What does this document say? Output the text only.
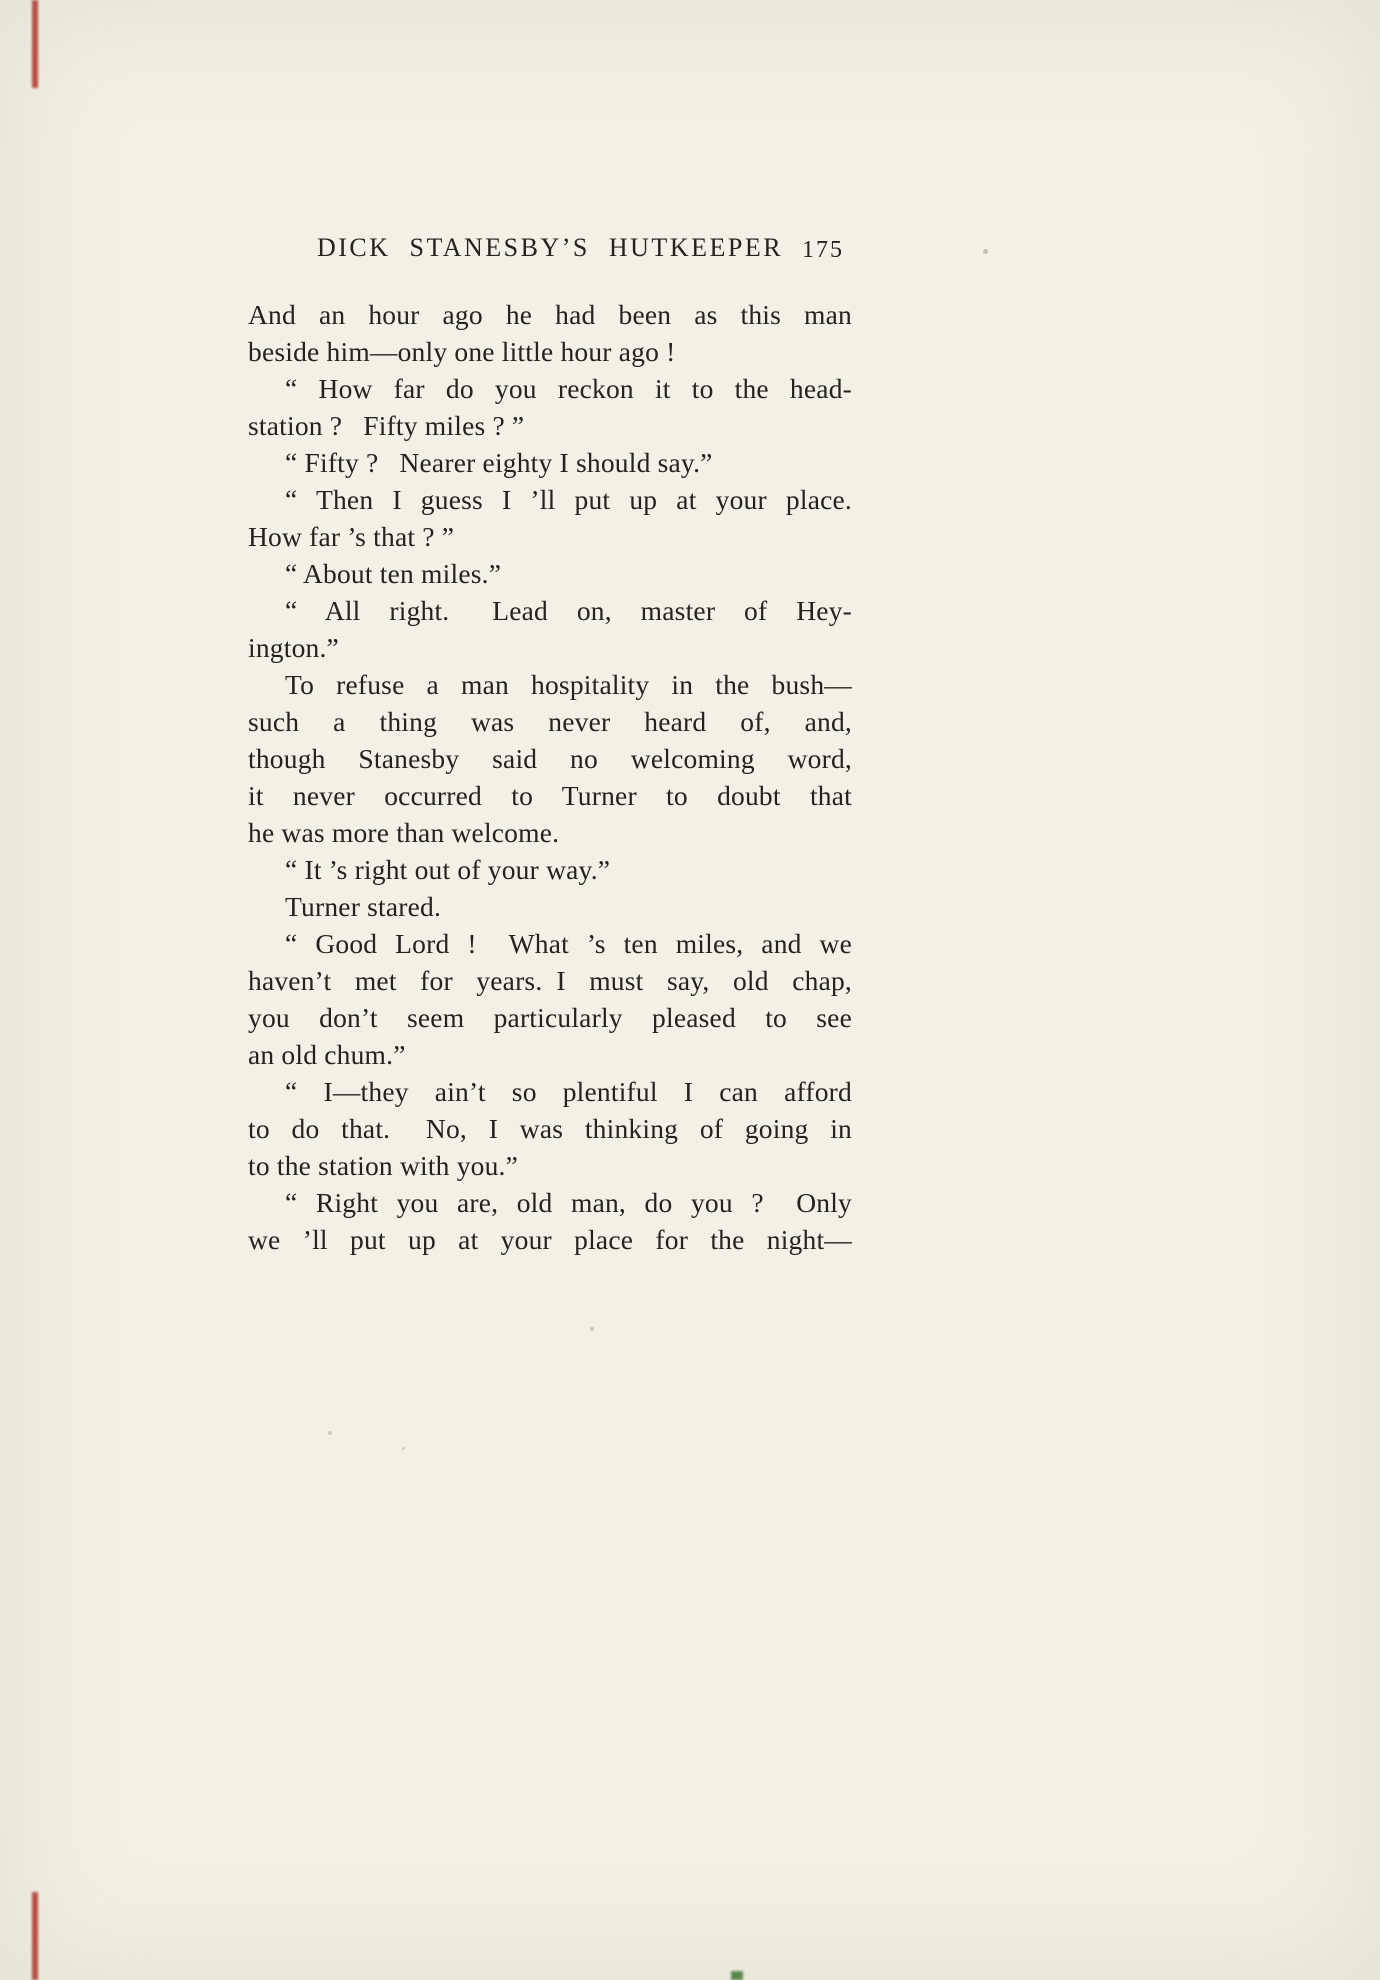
DICK STANESBY’S HUTKEEPER 175
And an hour ago he had been as this man
beside him—only one little hour ago !
“ How far do you reckon it to the head-
station ?  Fifty miles ? ”
“ Fifty ?  Nearer eighty I should say.”
“ Then I guess I ’ll put up at your place.
How far ’s that ? ”
“ About ten miles.”
“ All right.  Lead on, master of Hey-
ington.”
To refuse a man hospitality in the bush—
such a thing was never heard of, and,
though Stanesby said no welcoming word,
it never occurred to Turner to doubt that
he was more than welcome.
“ It ’s right out of your way.”
Turner stared.
“ Good Lord !  What ’s ten miles, and we
haven’t met for years. I must say, old chap,
you don’t seem particularly pleased to see
an old chum.”
“ I—they ain’t so plentiful I can afford
to do that.  No, I was thinking of going in
to the station with you.”
“ Right you are, old man, do you ?  Only
we ’ll put up at your place for the night—
